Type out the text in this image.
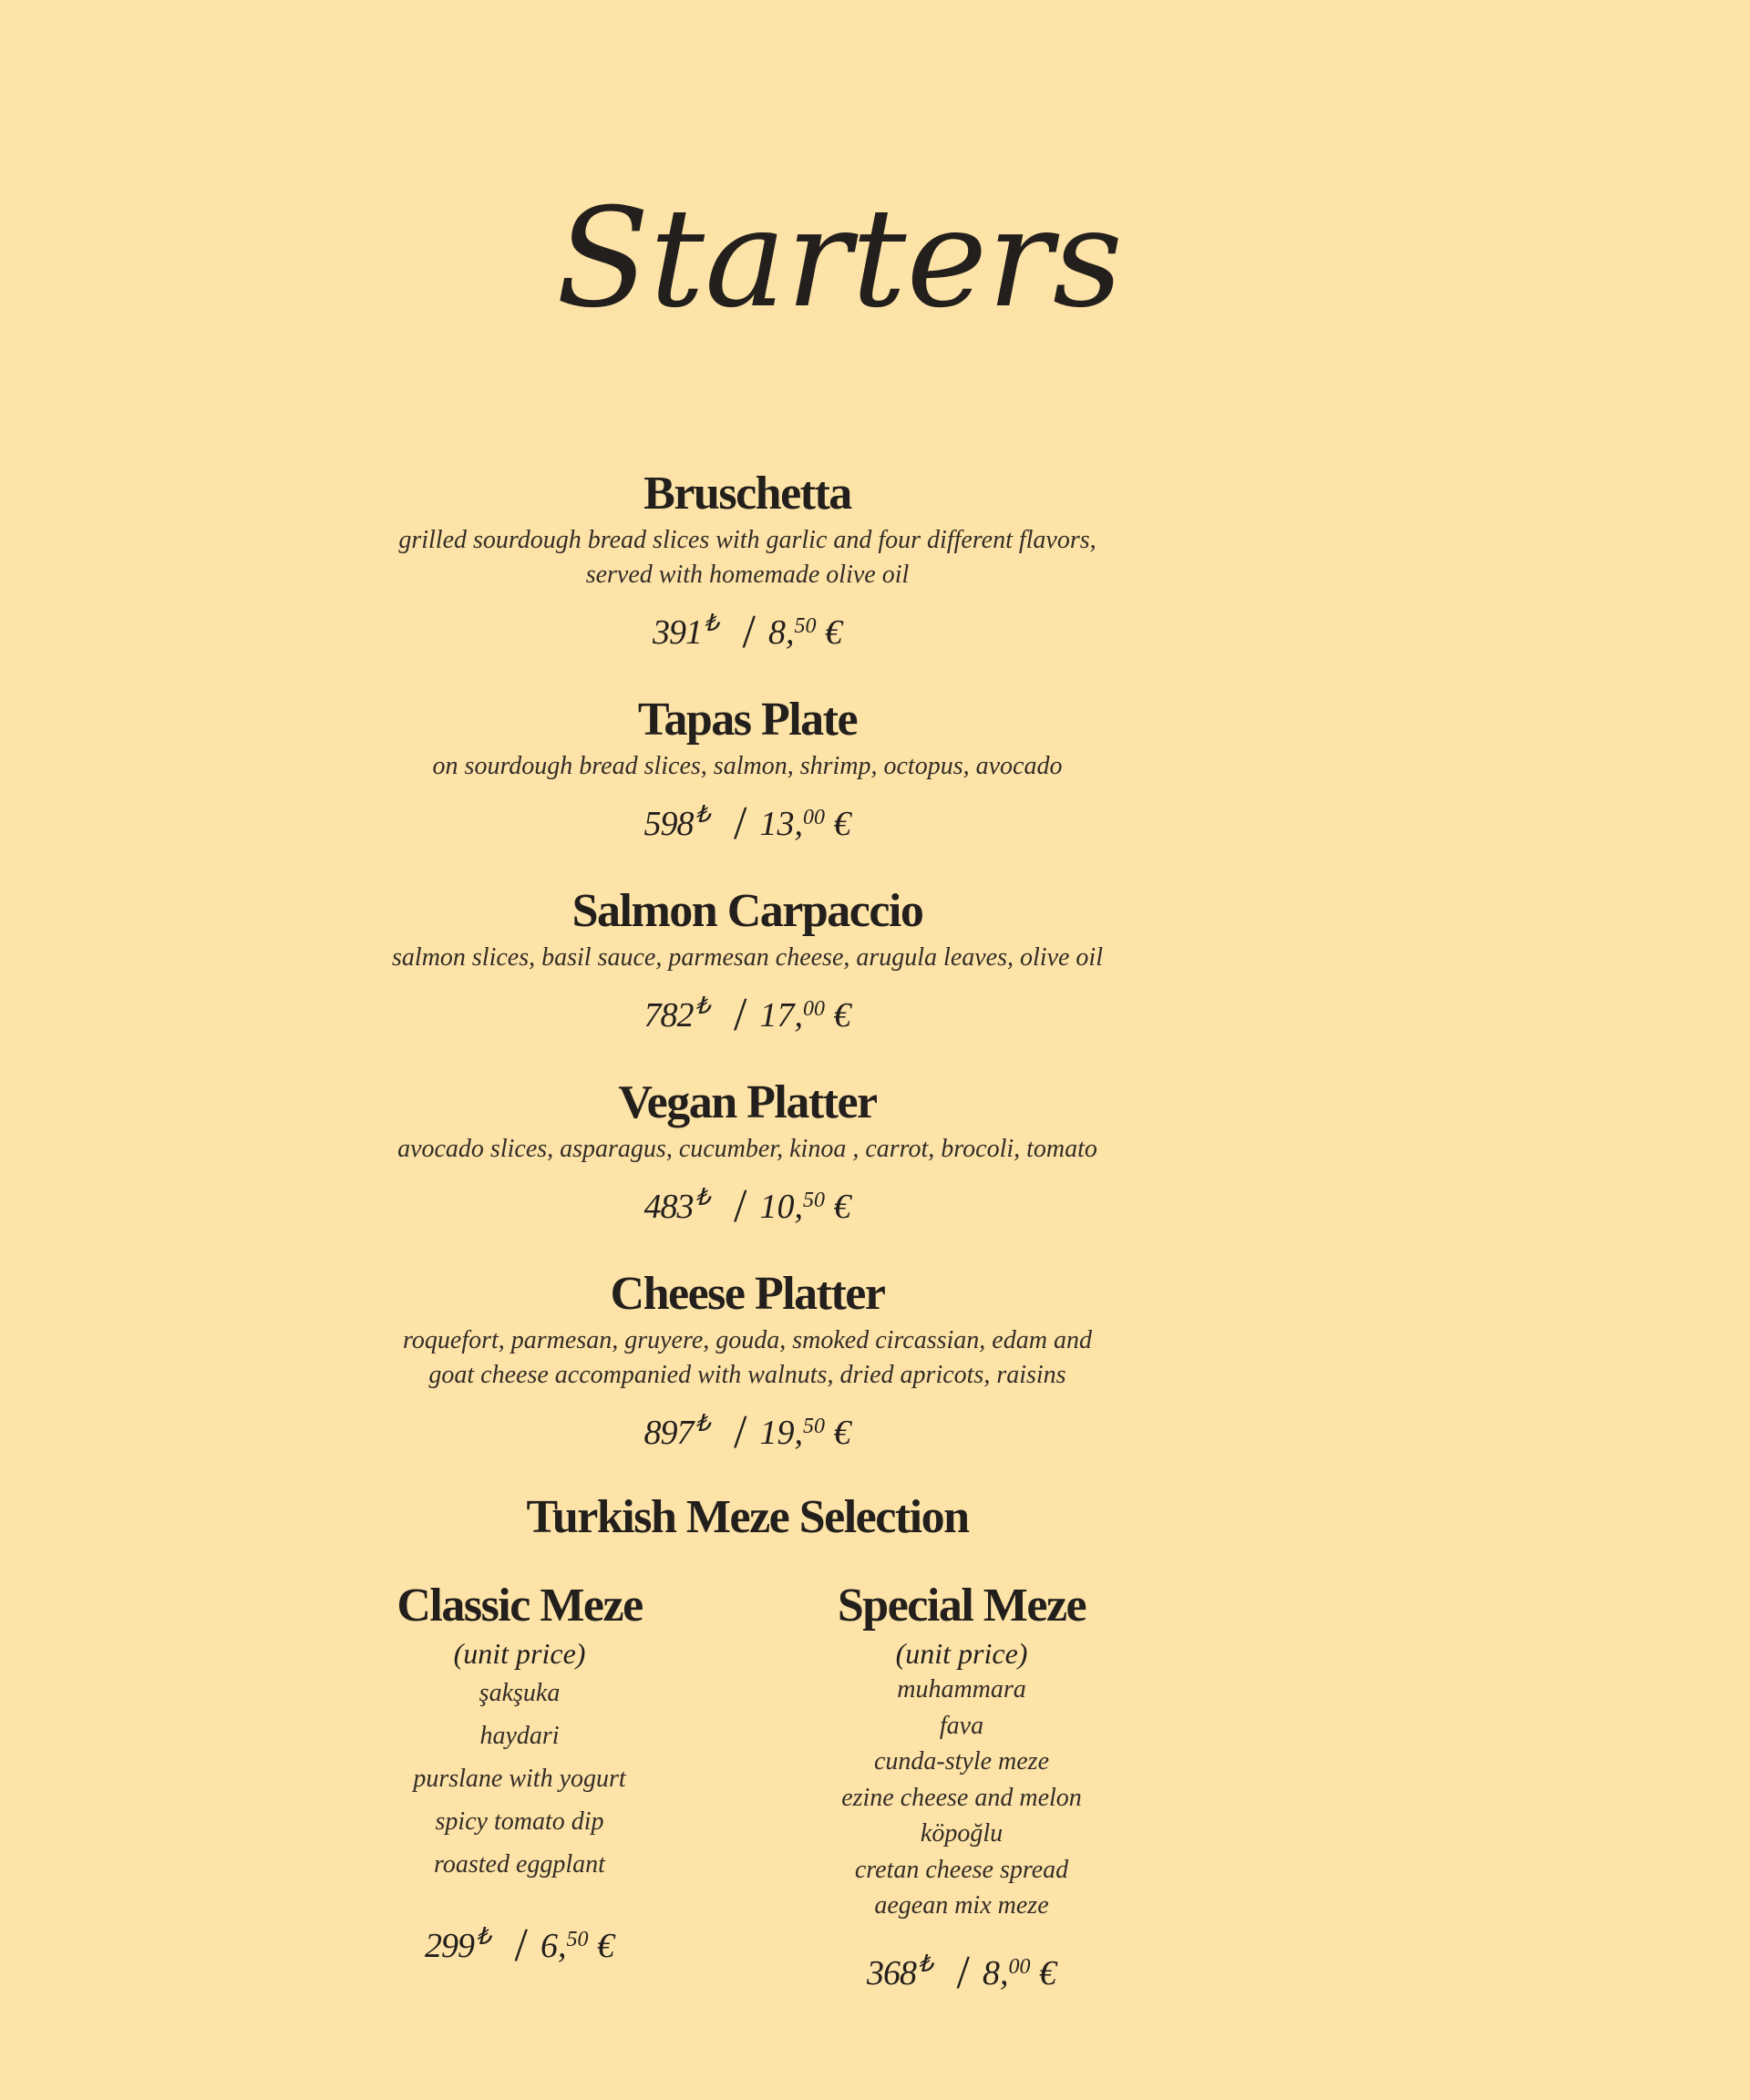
Starters
Bruschetta
grilled sourdough bread slices with garlic and four different flavors,
served with homemade olive oil
391₺ / 8,50 €
Tapas Plate
on sourdough bread slices, salmon, shrimp, octopus, avocado
598₺ / 13,00 €
Salmon Carpaccio
salmon slices, basil sauce, parmesan cheese, arugula leaves, olive oil
782₺ / 17,00 €
Vegan Platter
avocado slices, asparagus, cucumber, kinoa , carrot, brocoli, tomato
483₺ / 10,50 €
Cheese Platter
roquefort, parmesan, gruyere, gouda, smoked circassian, edam and
goat cheese accompanied with walnuts, dried apricots, raisins
897₺ / 19,50 €
Turkish Meze Selection
Classic Meze
(unit price)
şakşuka
haydari
purslane with yogurt
spicy tomato dip
roasted eggplant
299₺ / 6,50 €
Special Meze
(unit price)
muhammara
fava
cunda-style meze
ezine cheese and melon
köpoğlu
cretan cheese spread
aegean mix meze
368₺ / 8,00 €
